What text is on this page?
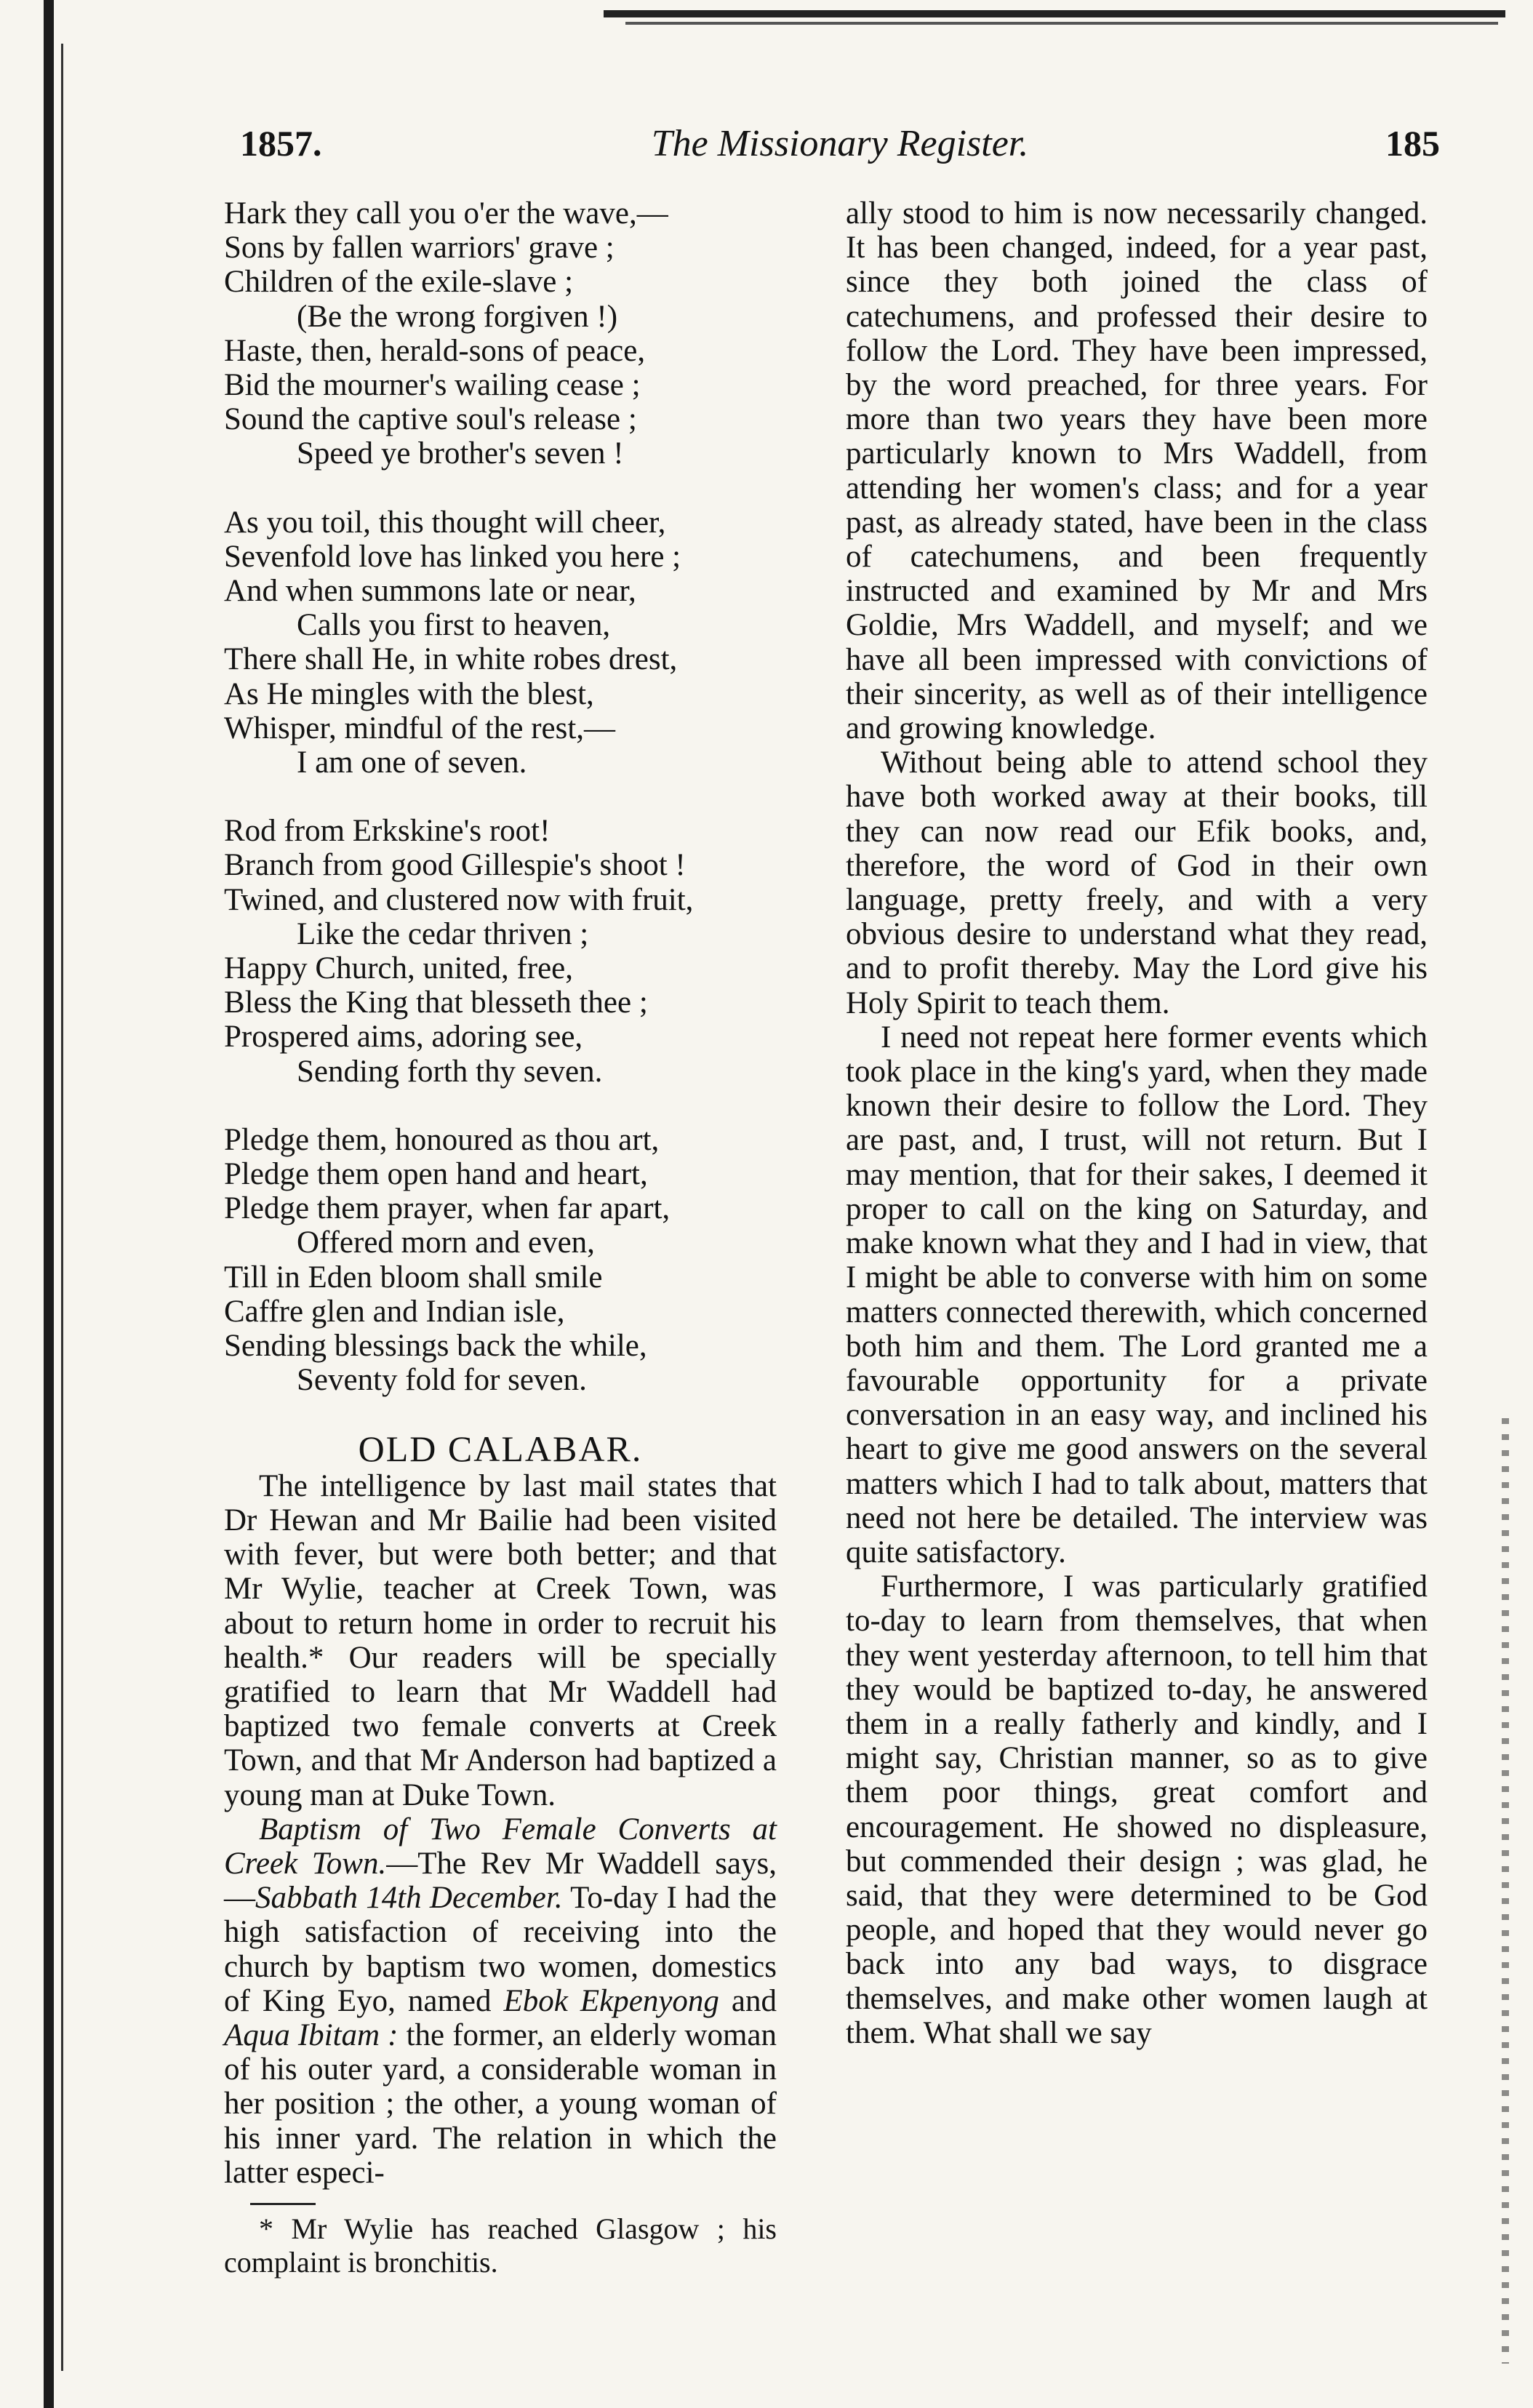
1857.	The Missionary Register.	185
Hark they call you o'er the wave,—
Sons by fallen warriors' grave ;
Children of the exile-slave ;
(Be the wrong forgiven !)
Haste, then, herald-sons of peace,
Bid the mourner's wailing cease ;
Sound the captive soul's release ;
Speed ye brother's seven !
As you toil, this thought will cheer,
Sevenfold love has linked you here ;
And when summons late or near,
Calls you first to heaven,
There shall He, in white robes drest,
As He mingles with the blest,
Whisper, mindful of the rest,—
I am one of seven.
Rod from Erkskine's root!
Branch from good Gillespie's shoot !
Twined, and clustered now with fruit,
Like the cedar thriven ;
Happy Church, united, free,
Bless the King that blesseth thee ;
Prospered aims, adoring see,
Sending forth thy seven.
Pledge them, honoured as thou art,
Pledge them open hand and heart,
Pledge them prayer, when far apart,
Offered morn and even,
Till in Eden bloom shall smile
Caffre glen and Indian isle,
Sending blessings back the while,
Seventy fold for seven.
OLD CALABAR.

The intelligence by last mail states that Dr Hewan and Mr Bailie had been visited with fever, but were both better; and that Mr Wylie, teacher at Creek Town, was about to return home in order to recruit his health.* Our readers will be specially gratified to learn that Mr Waddell had baptized two female converts at Creek Town, and that Mr Anderson had baptized a young man at Duke Town.

Baptism of Two Female Converts at Creek Town.—The Rev Mr Waddell says, —Sabbath 14th December. To-day I had the high satisfaction of receiving into the church by baptism two women, domestics of King Eyo, named Ebok Ekpenyong and Aqua Ibitam : the former, an elderly woman of his outer yard, a considerable woman in her position ; the other, a young woman of his inner yard. The relation in which the latter especi-

* Mr Wylie has reached Glasgow ; his complaint is bronchitis.

ally stood to him is now necessarily changed. It has been changed, indeed, for a year past, since they both joined the class of catechumens, and professed their desire to follow the Lord. They have been impressed, by the word preached, for three years. For more than two years they have been more particularly known to Mrs Waddell, from attending her women's class; and for a year past, as already stated, have been in the class of catechumens, and been frequently instructed and examined by Mr and Mrs Goldie, Mrs Waddell, and myself; and we have all been impressed with convictions of their sincerity, as well as of their intelligence and growing knowledge.

Without being able to attend school they have both worked away at their books, till they can now read our Efik books, and, therefore, the word of God in their own language, pretty freely, and with a very obvious desire to understand what they read, and to profit thereby. May the Lord give his Holy Spirit to teach them.

I need not repeat here former events which took place in the king's yard, when they made known their desire to follow the Lord. They are past, and, I trust, will not return. But I may mention, that for their sakes, I deemed it proper to call on the king on Saturday, and make known what they and I had in view, that I might be able to converse with him on some matters connected therewith, which concerned both him and them. The Lord granted me a favourable opportunity for a private conversation in an easy way, and inclined his heart to give me good answers on the several matters which I had to talk about, matters that need not here be detailed. The interview was quite satisfactory.

Furthermore, I was particularly gratified to-day to learn from themselves, that when they went yesterday afternoon, to tell him that they would be baptized to-day, he answered them in a really fatherly and kindly, and I might say, Christian manner, so as to give them poor things, great comfort and encouragement. He showed no displeasure, but commended their design ; was glad, he said, that they were determined to be God people, and hoped that they would never go back into any bad ways, to disgrace themselves, and make other women laugh at them. What shall we say
